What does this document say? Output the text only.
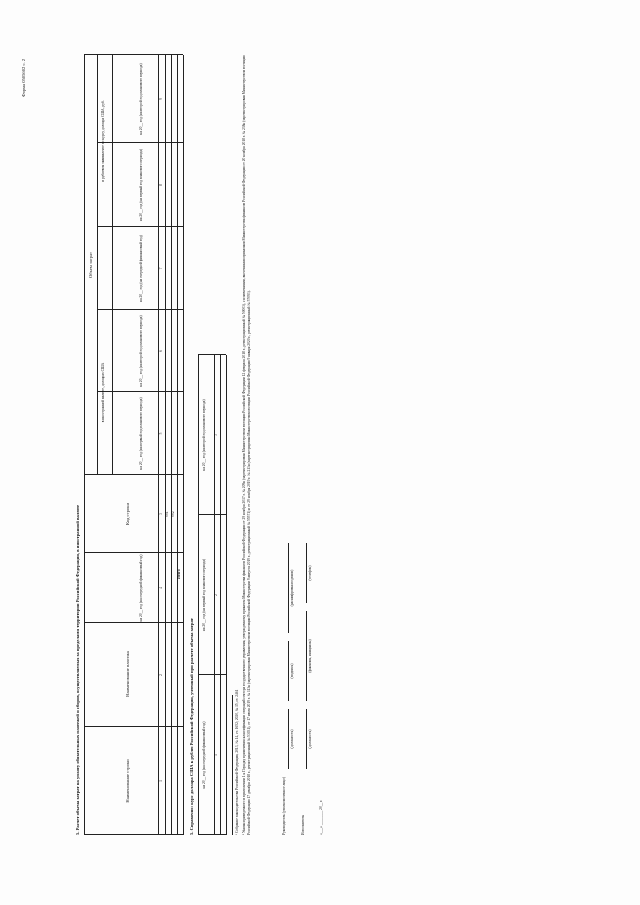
Форма 0505602 с. 2
5. Расчет объема затрат на уплату обязательных платежей и сборов, осуществляемых за пределами территории Российской Федерации, в иностранной валюте	Наименование строки
Наименование платежа
Код строки
Объем затрат
в иностранной валюте, долларах США
в рублевом эквиваленте по курсу доллара США, руб.
на 20__ год (на очередной финансовый год)
на 20__ год (на первый год планового периода)
на 20__ год (на второй год планового периода)
на 20__ год (на очередной финансовый год)
на 20__ год (на первый год планового периода)
на 20__ год (на второй год планового периода)
1
2
3
4
5
6
7
8
9
001 002
Итого
5. Справочно: курс доллара США к рублю Российской Федерации, учтенный при расчете объема затрат на 20__ год (на очередной финансовый год)
на 20__ год (на первый год планового периода)
на 20__ год (на второй год планового периода)
1
2
3
¹ Собрание законодательства Российской Федерации, 2013, № 14, ст. 1652; 2020, № 15, ст. 2461 ² Указан приведенного в приложении 1 к Порядку применения классификации операций сектора государственного управления, утвержденному приказом Министерства финансов Российской Федерации от 29 ноября 2017 г. № 209н (зарегистрирован Министерством юстиции Российской Федерации 12 февраля 2018 г., регистрационный № 50003), с изменениями, внесенными приказами Министерства финансов Российской Федерации от 20 ноября 2018 г. № 238н (зарегистрирован Министерством юстиции Российской Федерации 17 декабря 2018 г., регистрационный № 53031), от 17 июля 2019 г. № 113н (зарегистрирован Министерством юстиции Российской Федерации 9 августа 2019 г., регистрационный № 55571) и от 29 ноября 2019 г. № 213н (зарегистрирован Министерством юстиции Российской Федерации 9 января 2020 г., регистрационный № 57093).	Руководитель (уполномоченное лицо)
(должность)
(подпись)
(расшифровка подписи)
Исполнитель
(должность)
(фамилия, инициалы)
(телефон)
«___» ________ 20__ г.
